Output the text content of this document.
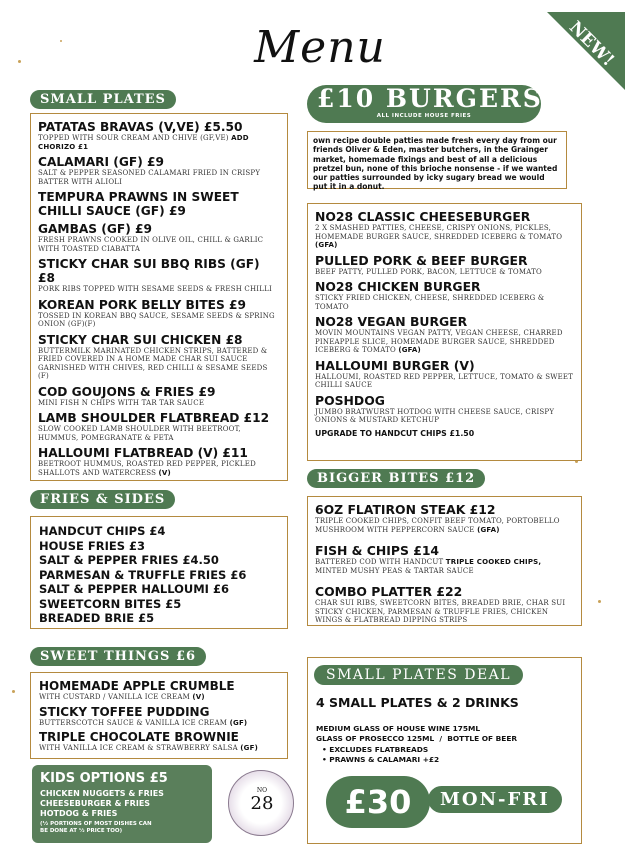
Menu	NEW!
SMALL PLATES
PATATAS BRAVAS (V,VE) £5.50
TOPPED WITH SOUR CREAM AND CHIVE (GF,VE) ADD CHORIZO £1
CALAMARI (GF) £9
SALT & PEPPER SEASONED CALAMARI FRIED IN CRISPY BATTER WITH ALIOLI
TEMPURA PRAWNS IN SWEET CHILLI SAUCE (GF) £9
GAMBAS (GF) £9
FRESH PRAWNS COOKED IN OLIVE OIL, CHILL & GARLIC WITH TOASTED CIABATTA
STICKY CHAR SUI BBQ RIBS (GF) £8
PORK RIBS TOPPED WITH SESAME SEEDS & FRESH CHILLI
KOREAN PORK BELLY BITES £9
TOSSED IN KOREAN BBQ SAUCE, SESAME SEEDS & SPRING ONION (GF)(F)
STICKY CHAR SUI CHICKEN £8
BUTTERMILK MARINATED CHICKEN STRIPS, BATTERED & FRIED COVERED IN A HOME MADE CHAR SUI SAUCE GARNISHED WITH CHIVES, RED CHILLI & SESAME SEEDS (F)
COD GOUJONS & FRIES £9
MINI FISH N CHIPS WITH TAR TAR SAUCE
LAMB SHOULDER FLATBREAD £12
SLOW COOKED LAMB SHOULDER WITH BEETROOT, HUMMUS, POMEGRANATE & FETA
HALLOUMI FLATBREAD (V) £11
BEETROOT HUMMUS, ROASTED RED PEPPER, PICKLED SHALLOTS AND WATERCRESS (V)
£10 BURGERS
ALL INCLUDE HOUSE FRIES
own recipe double patties made fresh every day from our friends Oliver & Eden, master butchers, in the Grainger market, homemade fixings and best of all a delicious pretzel bun, none of this brioche nonsense - if we wanted our patties surrounded by icky sugary bread we would put it in a donut.
NO28 CLASSIC CHEESEBURGER
2 X SMASHED PATTIES, CHEESE, CRISPY ONIONS, PICKLES, HOMEMADE BURGER SAUCE, SHREDDED ICEBERG & TOMATO (GFA)
PULLED PORK & BEEF BURGER
BEEF PATTY, PULLED PORK, BACON, LETTUCE & TOMATO
NO28 CHICKEN BURGER
STICKY FRIED CHICKEN, CHEESE, SHREDDED ICEBERG & TOMATO
NO28 VEGAN BURGER
MOVIN MOUNTAINS VEGAN PATTY, VEGAN CHEESE, CHARRED PINEAPPLE SLICE, HOMEMADE BURGER SAUCE, SHREDDED ICEBERG & TOMATO (GFA)
HALLOUMI BURGER (V)
HALLOUMI, ROASTED RED PEPPER, LETTUCE, TOMATO & SWEET CHILLI SAUCE
POSHDOG
JUMBO BRATWURST HOTDOG WITH CHEESE SAUCE, CRISPY ONIONS & MUSTARD KETCHUP
UPGRADE TO HANDCUT CHIPS £1.50
BIGGER BITES £12
6OZ FLATIRON STEAK £12
TRIPLE COOKED CHIPS, CONFIT BEEF TOMATO, PORTOBELLO MUSHROOM WITH PEPPERCORN SAUCE (GFA)
FISH & CHIPS £14
BATTERED COD WITH HANDCUT TRIPLE COOKED CHIPS, MINTED MUSHY PEAS & TARTAR SAUCE
COMBO PLATTER £22
CHAR SUI RIBS, SWEETCORN BITES, BREADED BRIE, CHAR SUI STICKY CHICKEN, PARMESAN & TRUFFLE FRIES, CHICKEN WINGS & FLATBREAD DIPPING STRIPS
FRIES & SIDES
HANDCUT CHIPS £4
HOUSE FRIES £3
SALT & PEPPER FRIES £4.50
PARMESAN & TRUFFLE FRIES £6
SALT & PEPPER HALLOUMI £6
SWEETCORN BITES £5
BREADED BRIE £5
SWEET THINGS £6
HOMEMADE APPLE CRUMBLE
WITH CUSTARD / VANILLA ICE CREAM (V)
STICKY TOFFEE PUDDING
BUTTERSCOTCH SAUCE & VANILLA ICE CREAM (GF)
TRIPLE CHOCOLATE BROWNIE
WITH VANILLA ICE CREAM & STRAWBERRY SALSA (GF)
KIDS OPTIONS £5
CHICKEN NUGGETS & FRIES
CHEESEBURGER & FRIES
HOTDOG & FRIES
(½ PORTIONS OF MOST DISHES CAN BE DONE AT ½ PRICE TOO)
NO
28
SMALL PLATES DEAL
4 SMALL PLATES & 2 DRINKS
MEDIUM GLASS OF HOUSE WINE 175ML
GLASS OF PROSECCO 125ML  /  BOTTLE OF BEER
• EXCLUDES FLATBREADS
• PRAWNS & CALAMARI +£2
£30	MON-FRI
